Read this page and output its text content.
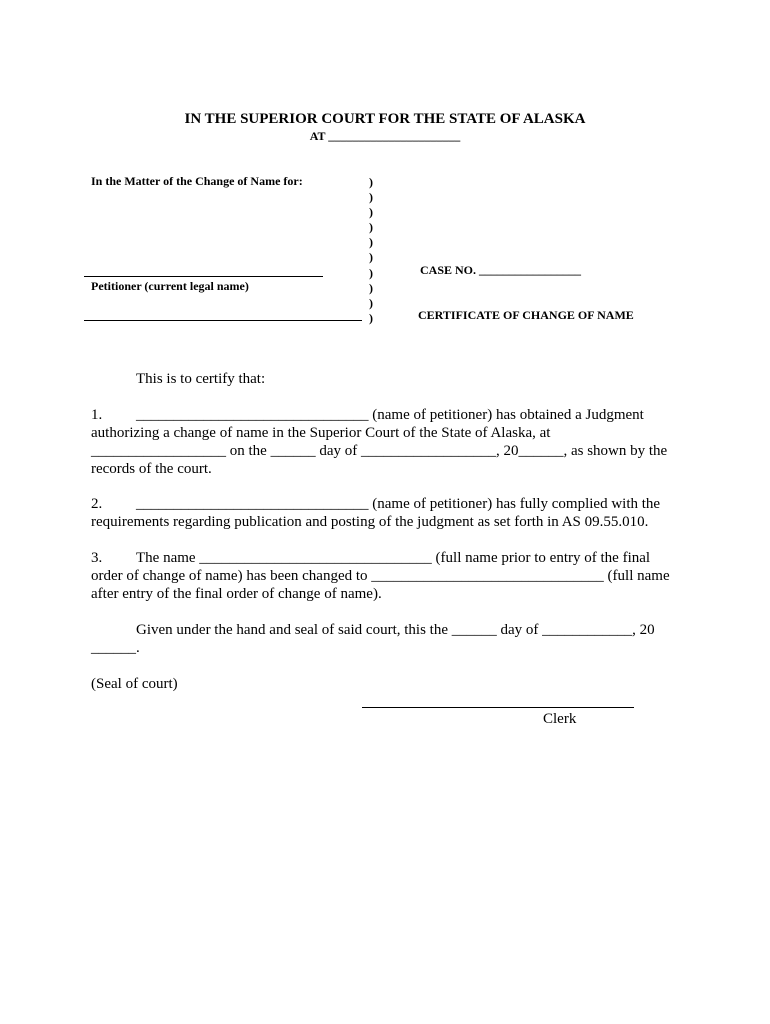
IN THE SUPERIOR COURT FOR THE STATE OF ALASKA
AT ______________________
In the Matter of the Change of Name for:
Petitioner (current legal name)
)
)
)
)
)
)
)
)
)
)
CASE NO. _________________
CERTIFICATE OF CHANGE OF NAME
This is to certify that:
1. _______________________________ (name of petitioner) has obtained a Judgment
authorizing a change of name in the Superior Court of the State of Alaska, at
__________________ on the ______ day of __________________, 20______, as shown by the
records of the court.
2. _______________________________ (name of petitioner) has fully complied with the
requirements regarding publication and posting of the judgment as set forth in AS 09.55.010.
3. The name _______________________________ (full name prior to entry of the final
order of change of name) has been changed to _______________________________ (full name
after entry of the final order of change of name).
Given under the hand and seal of said court, this the ______ day of ____________, 20
______.
(Seal of court)
Clerk
